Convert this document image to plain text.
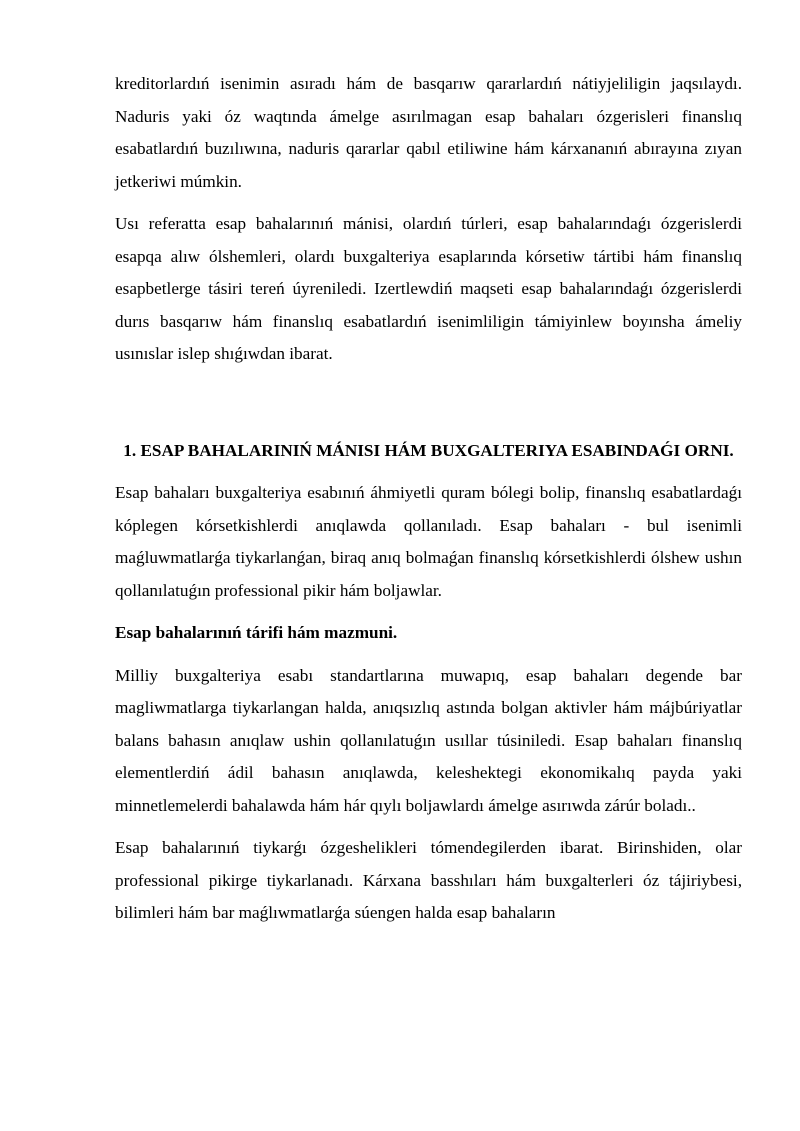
kreditorlardıń isenimin asıradı hám de basqarıw qararlardıń nátiyjeliligin jaqsılaydı. Naduris yaki óz waqtında ámelge asırılmagan esap bahaları ózgerisleri finanslıq esabatlardıń buzılıwına, naduris qararlar qabıl etiliwine hám kárxananıń abırayına zıyan jetkeriwi múmkin.

Usı referatta esap bahalarınıń mánisi, olardıń túrleri, esap bahalarındaǵı ózgerislerdi esapqa alıw ólshemleri, olardı buxgalteriya esaplarında kórsetiw tártibi hám finanslıq esapbetlerge tásiri tereń úyreniledi. Izertlewdiń maqseti esap bahalarındaǵı ózgerislerdi durıs basqarıw hám finanslıq esabatlardıń isenimliligin támiyinlew boyınsha ámeliy usınıslar islep shıǵıwdan ibarat.

1. ESAP BAHALARINIŃ MÁNISI HÁM BUXGALTERIYA ESABINDAǴI ORNI.

Esap bahaları buxgalteriya esabınıń áhmiyetli quram bólegi bolip, finanslıq esabatlardaǵı kóplegen kórsetkishlerdi anıqlawda qollanıladı. Esap bahaları - bul isenimli maǵluwmatlarǵa tiykarlanǵan, biraq anıq bolmaǵan finanslıq kórsetkishlerdi ólshew ushın qollanılatuǵın professional pikir hám boljawlar.

Esap bahalarınıń tárifi hám mazmuni.

Milliy buxgalteriya esabı standartlarına muwapıq, esap bahaları degende bar magliwmatlarga tiykarlangan halda, anıqsızlıq astında bolgan aktivler hám májbúriyatlar balans bahasın anıqlaw ushin qollanılatuǵın usıllar túsiniledi. Esap bahaları finanslıq elementlerdiń ádil bahasın anıqlawda, keleshektegi ekonomikalıq payda yaki minnetlemelerdi bahalawda hám hár qıylı boljawlardı ámelge asırıwda zárúr boladı..

Esap bahalarınıń tiykarǵı ózgeshelikleri tómendegilerden ibarat. Birinshiden, olar professional pikirge tiykarlanadı. Kárxana basshıları hám buxgalterleri óz tájiriybesi, bilimleri hám bar maǵlıwmatlarǵa súengen halda esap bahaların
